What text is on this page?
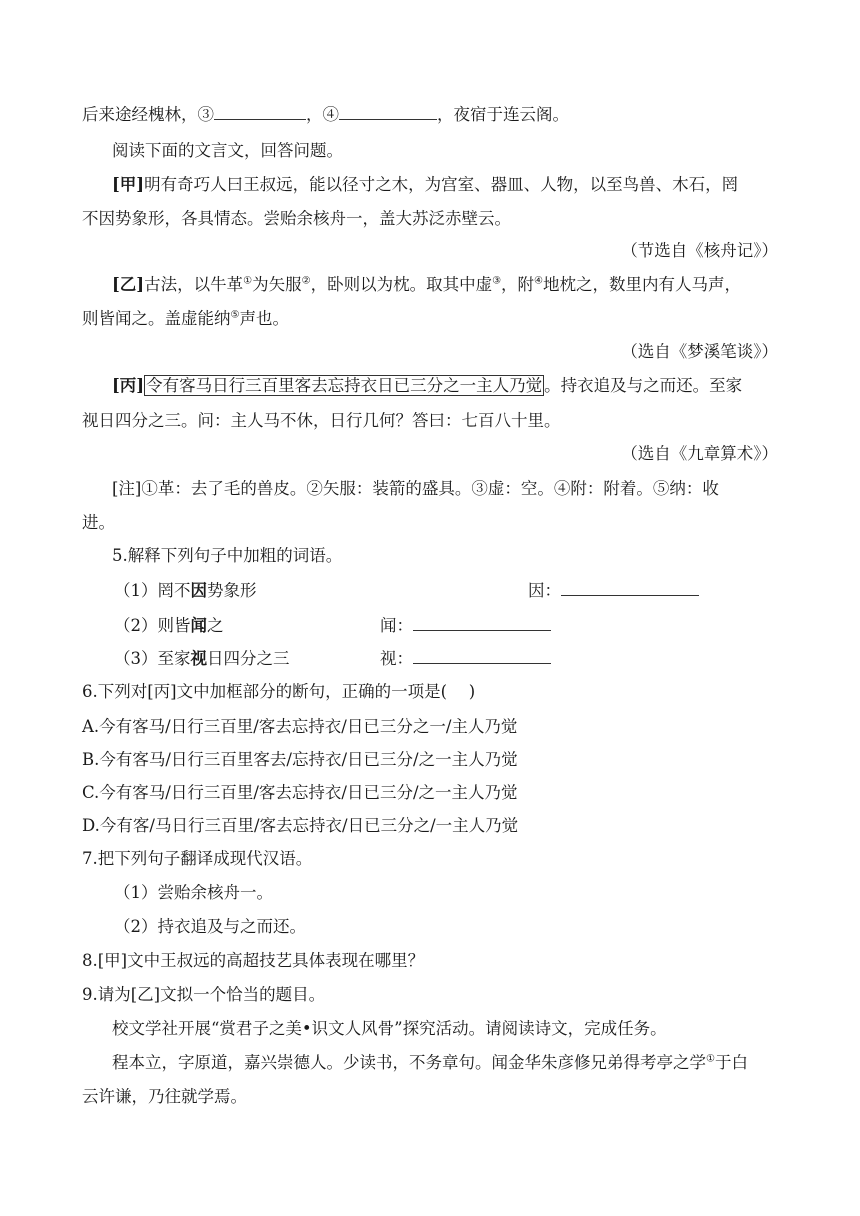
后来途经槐林，③	，④	，夜宿于连云阁。
阅读下面的文言文，回答问题。
[甲]明有奇巧人曰王叔远，能以径寸之木，为宫室、器皿、人物，以至鸟兽、木石，罔
不因势象形，各具情态。尝贻余核舟一，盖大苏泛赤壁云。
（节选自《核舟记》）
[乙]古法，以牛革①为矢服②，卧则以为枕。取其中虚③，附④地枕之，数里内有人马声，
则皆闻之。盖虚能纳⑤声也。
（选自《梦溪笔谈》）
[丙] 令有客马日行三百里客去忘持衣日已三分之一主人乃觉 。持衣追及与之而还。至家
视日四分之三。问：主人马不休，日行几何？答曰：七百八十里。
（选自《九章算术》）
[注]①革：去了毛的兽皮。②矢服：装箭的盛具。③虚：空。④附：附着。⑤纳：收
进。
5.解释下列句子中加粗的词语。
（1）罔不因势象形	因：
（2）则皆闻之	闻：
（3）至家视日四分之三	视：
6.下列对[丙]文中加框部分的断句，正确的一项是(　 )
A.今有客马/日行三百里/客去忘持衣/日已三分之一/主人乃觉
B.今有客马/日行三百里客去/忘持衣/日已三分/之一主人乃觉
C.今有客马/日行三百里/客去忘持衣/日已三分/之一主人乃觉
D.今有客/马日行三百里/客去忘持衣/日已三分之/一主人乃觉
7.把下列句子翻译成现代汉语。
（1）尝贻余核舟一。
（2）持衣追及与之而还。
8.[甲]文中王叔远的高超技艺具体表现在哪里？
9.请为[乙]文拟一个恰当的题目。
校文学社开展“赏君子之美•识文人风骨”探究活动。请阅读诗文，完成任务。
程本立，字原道，嘉兴崇德人。少读书，不务章句。闻金华朱彦修兄弟得考亭之学①于白
云许谦，乃往就学焉。
